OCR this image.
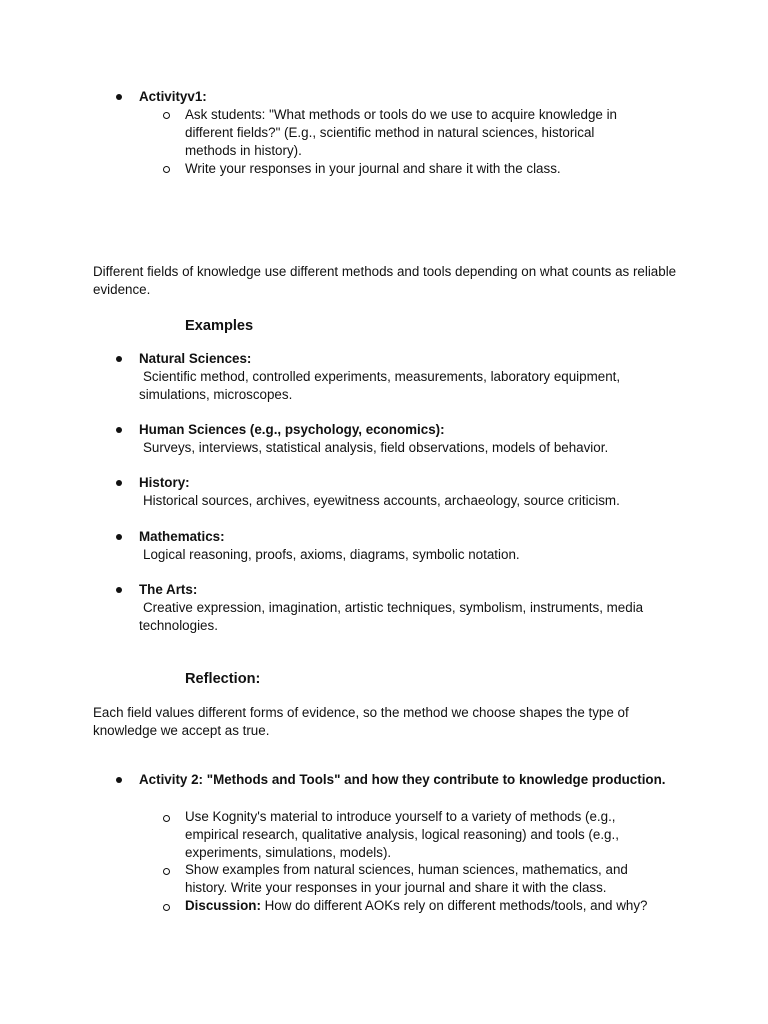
Activityv1:
Ask students: "What methods or tools do we use to acquire knowledge in different fields?" (E.g., scientific method in natural sciences, historical methods in history).
Write your responses in your journal and share it with the class.
Different fields of knowledge use different methods and tools depending on what counts as reliable evidence.
Examples
Natural Sciences:
Scientific method, controlled experiments, measurements, laboratory equipment, simulations, microscopes.
Human Sciences (e.g., psychology, economics):
Surveys, interviews, statistical analysis, field observations, models of behavior.
History:
Historical sources, archives, eyewitness accounts, archaeology, source criticism.
Mathematics:
Logical reasoning, proofs, axioms, diagrams, symbolic notation.
The Arts:
Creative expression, imagination, artistic techniques, symbolism, instruments, media technologies.
Reflection:
Each field values different forms of evidence, so the method we choose shapes the type of knowledge we accept as true.
Activity 2: "Methods and Tools" and how they contribute to knowledge production.
Use Kognity's material to introduce yourself to a variety of methods (e.g., empirical research, qualitative analysis, logical reasoning) and tools (e.g., experiments, simulations, models).
Show examples from natural sciences, human sciences, mathematics, and history. Write your responses in your journal and share it with the class.
Discussion: How do different AOKs rely on different methods/tools, and why?
